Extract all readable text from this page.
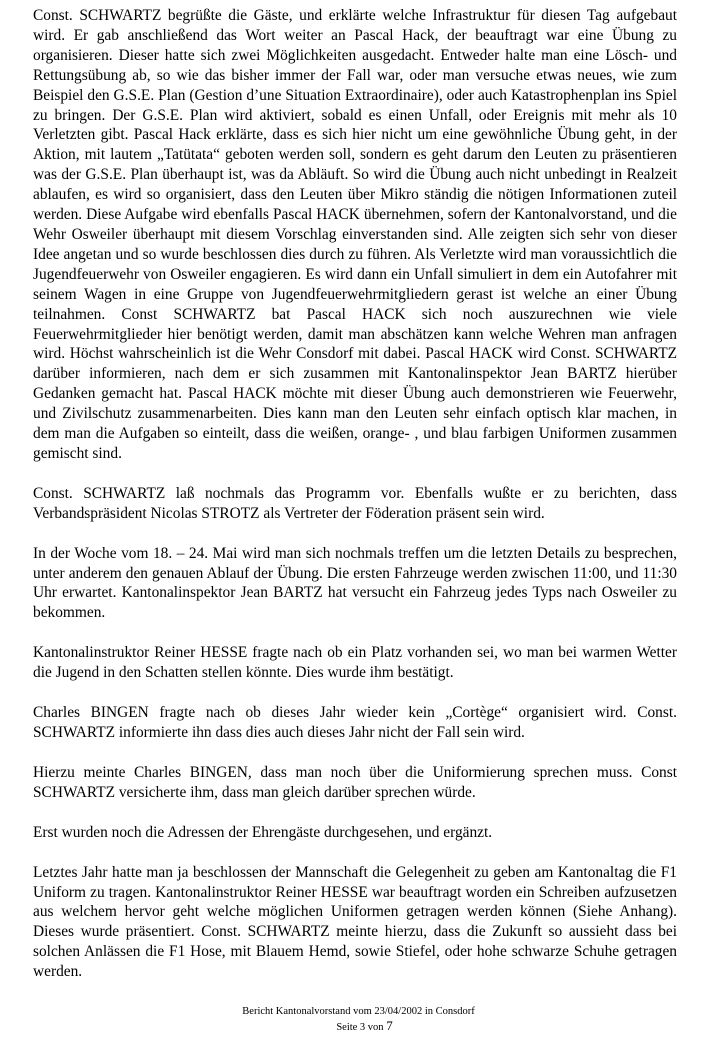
Const. SCHWARTZ begrüßte die Gäste, und erklärte welche Infrastruktur für diesen Tag aufgebaut wird. Er gab anschließend das Wort weiter an Pascal Hack, der beauftragt war eine Übung zu organisieren. Dieser hatte sich zwei Möglichkeiten ausgedacht. Entweder halte man eine Lösch- und Rettungsübung ab, so wie das bisher immer der Fall war, oder man versuche etwas neues, wie zum Beispiel den G.S.E. Plan (Gestion d’une Situation Extraordinaire), oder auch Katastrophenplan ins Spiel zu bringen. Der G.S.E. Plan wird aktiviert, sobald es einen Unfall, oder Ereignis mit mehr als 10 Verletzten gibt. Pascal Hack erklärte, dass es sich hier nicht um eine gewöhnliche Übung geht, in der Aktion, mit lautem „Tatütata“ geboten werden soll, sondern es geht darum den Leuten zu präsentieren was der G.S.E. Plan überhaupt ist, was da Abläuft. So wird die Übung auch nicht unbedingt in Realzeit ablaufen, es wird so organisiert, dass den Leuten über Mikro ständig die nötigen Informationen zuteil werden. Diese Aufgabe wird ebenfalls Pascal HACK übernehmen, sofern der Kantonalvorstand, und die Wehr Osweiler überhaupt mit diesem Vorschlag einverstanden sind. Alle zeigten sich sehr von dieser Idee angetan und so wurde beschlossen dies durch zu führen. Als Verletzte wird man voraussichtlich die Jugendfeuerwehr von Osweiler engagieren. Es wird dann ein Unfall simuliert in dem ein Autofahrer mit seinem Wagen in eine Gruppe von Jugendfeuerwehrmitgliedern gerast ist welche an einer Übung teilnahmen. Const SCHWARTZ bat Pascal HACK sich noch auszurechnen wie viele Feuerwehrmitglieder hier benötigt werden, damit man abschätzen kann welche Wehren man anfragen wird. Höchst wahrscheinlich ist die Wehr Consdorf mit dabei. Pascal HACK wird Const. SCHWARTZ darüber informieren, nach dem er sich zusammen mit Kantonalinspektor Jean BARTZ hierüber Gedanken gemacht hat. Pascal HACK möchte mit dieser Übung auch demonstrieren wie Feuerwehr, und Zivilschutz zusammenarbeiten. Dies kann man den Leuten sehr einfach optisch klar machen, in dem man die Aufgaben so einteilt, dass die weißen, orange- , und blau farbigen Uniformen zusammen gemischt sind.

Const. SCHWARTZ laß nochmals das Programm vor. Ebenfalls wußte er zu berichten, dass Verbandspräsident Nicolas STROTZ als Vertreter der Föderation präsent sein wird.

In der Woche vom 18. – 24. Mai wird man sich nochmals treffen um die letzten Details zu besprechen, unter anderem den genauen Ablauf der Übung. Die ersten Fahrzeuge werden zwischen 11:00, und 11:30 Uhr erwartet. Kantonalinspektor Jean BARTZ hat versucht ein Fahrzeug jedes Typs nach Osweiler zu bekommen.

Kantonalinstruktor Reiner HESSE fragte nach ob ein Platz vorhanden sei, wo man bei warmen Wetter die Jugend in den Schatten stellen könnte. Dies wurde ihm bestätigt.

Charles BINGEN fragte nach ob dieses Jahr wieder kein „Cortège“ organisiert wird. Const. SCHWARTZ informierte ihn dass dies auch dieses Jahr nicht der Fall sein wird.

Hierzu meinte Charles BINGEN, dass man noch über die Uniformierung sprechen muss. Const SCHWARTZ versicherte ihm, dass man gleich darüber sprechen würde.

Erst wurden noch die Adressen der Ehrengäste durchgesehen, und ergänzt.

Letztes Jahr hatte man ja beschlossen der Mannschaft die Gelegenheit zu geben am Kantonaltag die F1 Uniform zu tragen. Kantonalinstruktor Reiner HESSE war beauftragt worden ein Schreiben aufzusetzen aus welchem hervor geht welche möglichen Uniformen getragen werden können (Siehe Anhang). Dieses wurde präsentiert. Const. SCHWARTZ meinte hierzu, dass die Zukunft so aussieht dass bei solchen Anlässen die F1 Hose, mit Blauem Hemd, sowie Stiefel, oder hohe schwarze Schuhe getragen werden.

Bericht Kantonalvorstand vom 23/04/2002 in Consdorf
Seite 3 von 7
